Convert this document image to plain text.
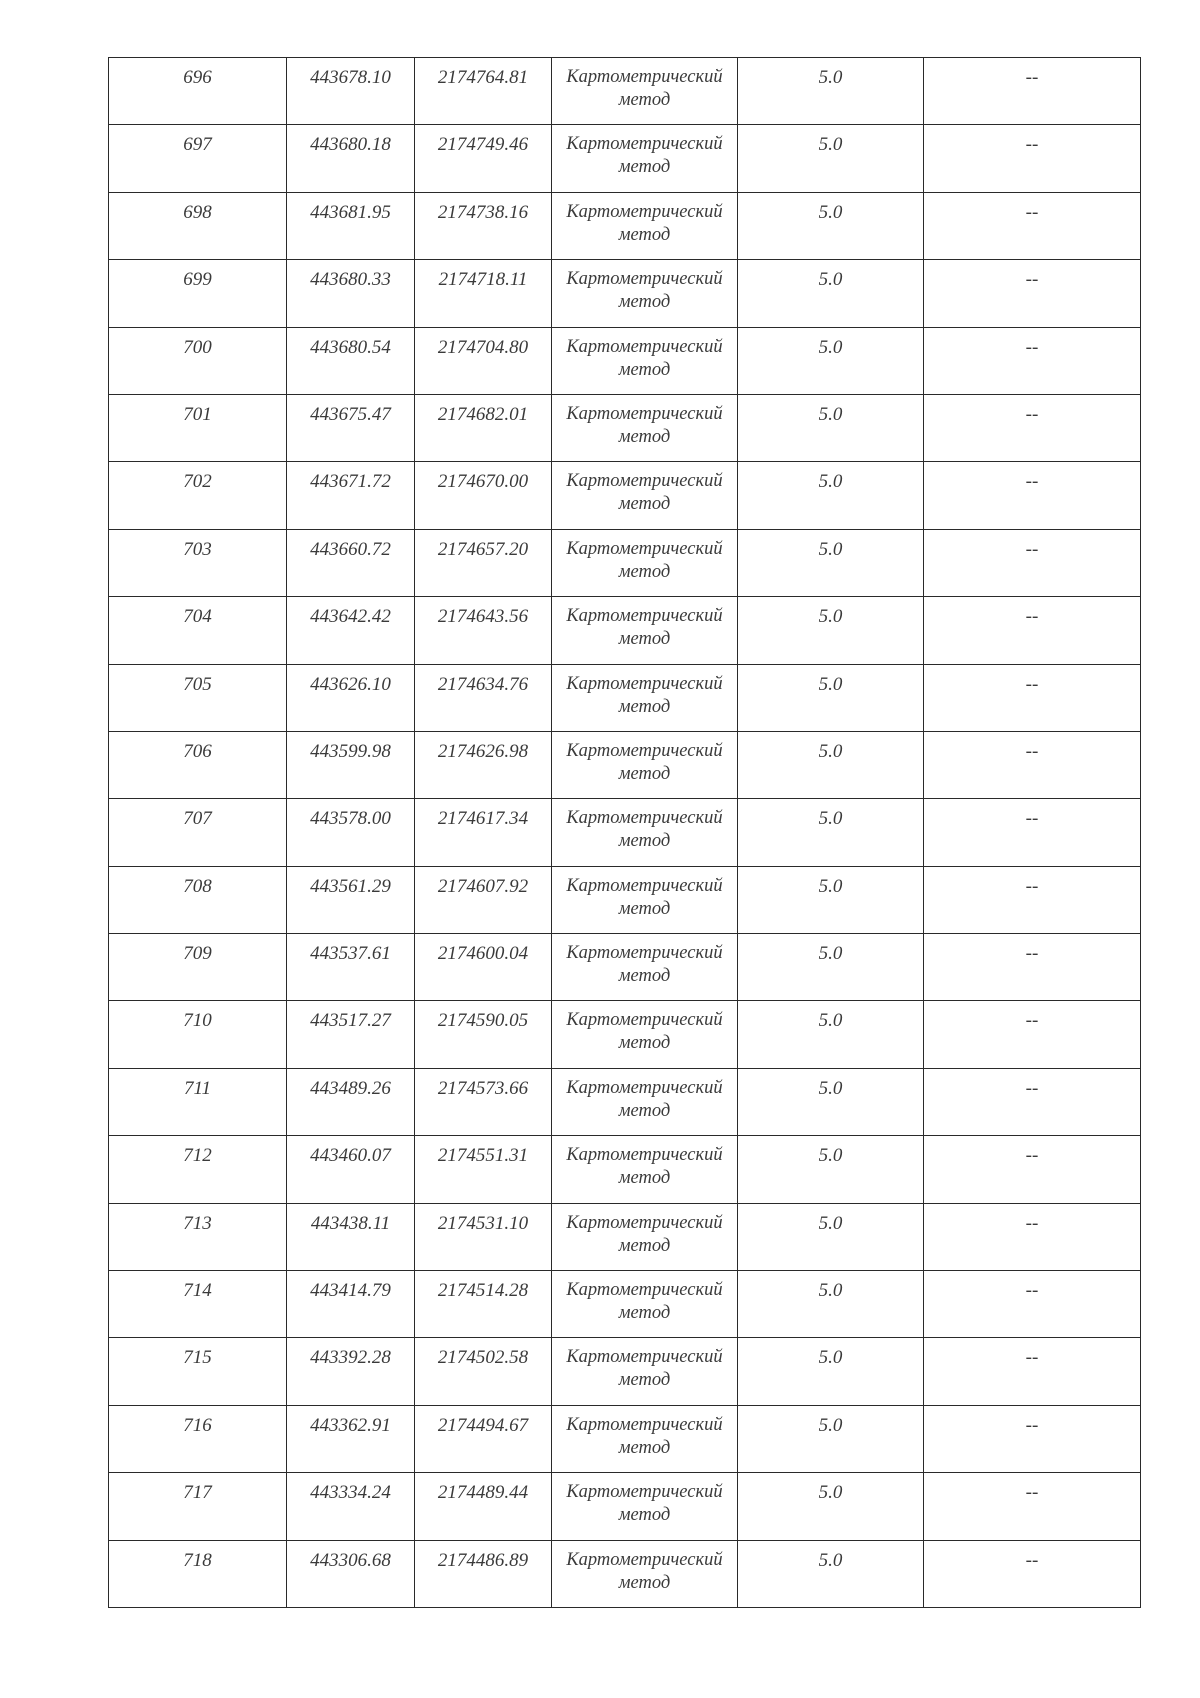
696	443678.10	2174764.81	Картометрический метод	5.0	--

697	443680.18	2174749.46	Картометрический метод	5.0	--

698	443681.95	2174738.16	Картометрический метод	5.0	--

699	443680.33	2174718.11	Картометрический метод	5.0	--

700	443680.54	2174704.80	Картометрический метод	5.0	--

701	443675.47	2174682.01	Картометрический метод	5.0	--

702	443671.72	2174670.00	Картометрический метод	5.0	--

703	443660.72	2174657.20	Картометрический метод	5.0	--

704	443642.42	2174643.56	Картометрический метод	5.0	--

705	443626.10	2174634.76	Картометрический метод	5.0	--

706	443599.98	2174626.98	Картометрический метод	5.0	--

707	443578.00	2174617.34	Картометрический метод	5.0	--

708	443561.29	2174607.92	Картометрический метод	5.0	--

709	443537.61	2174600.04	Картометрический метод	5.0	--

710	443517.27	2174590.05	Картометрический метод	5.0	--

711	443489.26	2174573.66	Картометрический метод	5.0	--

712	443460.07	2174551.31	Картометрический метод	5.0	--

713	443438.11	2174531.10	Картометрический метод	5.0	--

714	443414.79	2174514.28	Картометрический метод	5.0	--

715	443392.28	2174502.58	Картометрический метод	5.0	--

716	443362.91	2174494.67	Картометрический метод	5.0	--

717	443334.24	2174489.44	Картометрический метод	5.0	--

718	443306.68	2174486.89	Картометрический метод	5.0	--
